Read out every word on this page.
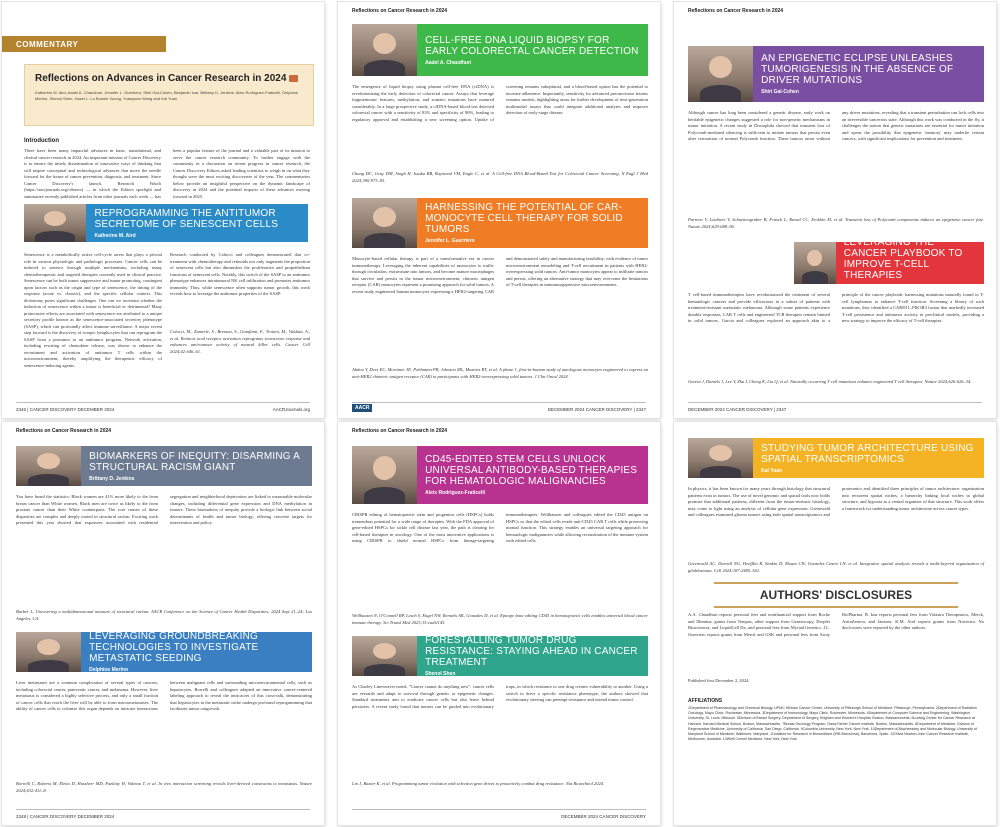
COMMENTARY
Reflections on Advances in Cancer Research in 2024
Katherine M. Aird, Aadel A. Chaudhuri, Jennifer L. Guerriero, Shiri Gal-Cohen, Benjamin Izar, Brittany D. Jenkins, Aleix Rodriguez-Fraticelli, Delphine Merino, Shenol Shen, Hazel L. Lu Bonnie Vuong, Yuanyuan Wang and Kai Yuan
Introduction
There have been many impactful advances in basic, translational, and clinical cancer research in 2024. An important mission of Cancer Discovery is to ensure the timely dissemination of innovative ways of thinking that will inspire conceptual and technological advances that move the needle forward for the future of cancer prevention, diagnosis, and treatment. Since Cancer Discovery's launch, Research Watch (https://aacrjournals.org/cdnews) — in which the Editors spotlight and summarize recently published articles from other journals each week — has been a popular feature of the journal and a valuable part of its mission to serve the cancer research community. To further engage with the community in a discussion on recent progress in cancer research, the Cancer Discovery Editors asked leading scientists to weigh in on what they thought were the most exciting discoveries of the year. The commentaries below provide an insightful perspective on the dynamic landscape of discovery in 2024 and the potential impacts of these advances moving forward in 2025.
REPROGRAMMING THE ANTITUMOR SECRETOME OF SENESCENT CELLS
Katherine M. Aird
Senescence is a metabolically active cell-cycle arrest that plays a pivotal role in various physiologic and pathologic processes. Cancer cells can be induced to senesce through multiple mechanisms, including many chemotherapeutic and targeted therapies currently used in clinical practice. Senescence can be both tumor suppressive and tumor promoting, contingent upon factors such as the origin and type of senescence, the timing of the response (acute vs. chronic), and the specific cellular context. This dichotomy poses significant challenges. One can we ascertain whether the induction of senescence within a tumor is beneficial or detrimental? Many proinvasive effects are associated with senescence are attributed to a unique secretory profile known as the senescence-associated secretory phenotype (SASP), which can profoundly affect immune surveillance. A major recent step forward is the discovery of ectopic lymphocytes that can reprogram the SASP from a protumor to an antitumor program. Network activation, including rewiring of chemokine release, was shown to enhance the recruitment and activation of antitumor T cells within the microenvironment, thereby amplifying the therapeutic efficacy of senescence-inducing agents.
Research conducted by Colucci and colleagues demonstrated that co-treatment with chemotherapy and retinoids not only augments the proportion of senescent cells but also diminishes the proliferative and propeithelium functions of senescent cells. Notably, this switch of the SASP to an antitumor phenotype enhances intratumoral NK cell infiltration and promotes antitumor immunity. Thus, while senescence often supports tumor growth, this work reveals how to leverage the antitumor properties of the SASP.
Colucci, M., Zumerle, S., Bressan, S., Gianfanti, F., Troiani, M., Valdata, A., et al. Retinoic acid receptor activation reprograms senescence response and enhances anti-tumour activity of natural killer cells. Cancer Cell 2024;42:646–61.
2346 | CANCER DISCOVERY DECEMBER 2024	AACRJournals.org
Reflections on Cancer Research in 2024
CELL-FREE DNA LIQUID BIOPSY FOR EARLY COLORECTAL CANCER DETECTION
Aadel A. Chaudhuri
The emergence of liquid biopsy using plasma cell-free DNA (cfDNA) is revolutionizing the early detection of colorectal cancer. Assays that leverage fragmentomic features, methylation, and somatic mutations have matured considerably. In a large prospective study, a cfDNA-based blood test detected colorectal cancer with a sensitivity of 83% and specificity of 90%, leading to regulatory approval and establishing a new screening option. Uptake of screening remains suboptimal, and a blood-based option has the potential to increase adherence. Importantly, sensitivity for advanced precancerous lesions remains modest, highlighting areas for further development of next-generation multimodal assays that could integrate additional analytes and improve detection of early-stage disease.
Chung DC, Gray DM, Singh H, Issaka RB, Raymond VM, Eagle C, et al. A Cell-free DNA Blood-Based Test for Colorectal Cancer Screening. N Engl J Med 2024;390:973–83.
HARNESSING THE POTENTIAL OF CAR-MONOCYTE CELL THERAPY FOR SOLID TUMORS
Jennifer L. Guerriero
Monocyte-based cellular therapy is part of a transformative era in cancer immunotherapy. Leveraging the inherent capabilities of monocytes to traffic through circulation, extravasate into tumors, and become mature macrophages that survive and persist in the tumor microenvironment, chimeric antigen receptor (CAR) monocytes represent a promising approach for solid tumors. A recent study engineered human monocytes expressing a HER2-targeting CAR and demonstrated safety and manufacturing feasibility, with evidence of tumor microenvironment remodeling and T-cell recruitment in patients with HER2-overexpressing solid tumors. Anti-tumor monocytes appear to infiltrate tumors and persist, offering an alternative strategy that may overcome the limitations of T-cell therapies in immunosuppressive microenvironments.
Abdou Y, Dees EC, Mortimer JE, Pohlmann PR, Johnson ML, Maziarz RT, et al. A phase 1, first-in-human study of autologous monocytes engineered to express an anti-HER2 chimeric antigen receptor (CAR) in participants with HER2-overexpressing solid tumors. J Clin Oncol 2024.
AACR	DECEMBER 2024 CANCER DISCOVERY | 2347
Reflections on Cancer Research in 2024
AN EPIGENETIC ECLIPSE UNLEASHES TUMORIGENESIS IN THE ABSENCE OF DRIVER MUTATIONS
Shiri Gal-Cohen
Although cancer has long been considered a genetic disease, early work on heritable epigenetic changes suggested a role for non-genetic mechanisms in tumor initiation. A recent study in Drosophila showed that transient loss of Polycomb-mediated silencing is sufficient to initiate tumors that persist even after restoration of normal Polycomb function. These tumors arose without any driver mutations, revealing that a transient perturbation can lock cells into an irreversible cancerous state. Although this work was conducted in the fly, it challenges the notion that genetic mutations are essential for tumor initiation and opens the possibility that epigenetic 'memory' may underlie certain cancers, with significant implications for prevention and treatment.
Parreno V, Loubiere V, Schuettengruber B, Fritsch L, Rawal CC, Erokhin M, et al. Transient loss of Polycomb components induces an epigenetic cancer fate. Nature 2024;629:688–96.
LEVERAGING THE CANCER PLAYBOOK TO IMPROVE T-CELL THERAPIES
Benjamin Izar
T cell-based immunotherapies have revolutionized the treatment of several hematologic cancers and provide efficacious in a subset of patients with treatment-resistant metastatic melanoma. Although some patients experience durable responses, CAR T cells and engineered TCR therapies remain limited in solid tumors. Garcia and colleagues explored an approach akin to a principle of the cancer playbook: harnessing mutations naturally found in T-cell lymphomas to enhance T-cell function. Screening a library of such mutations, they identified a CARD11–PIK3R3 fusion that markedly increased T-cell persistence and antitumor activity in preclinical models, providing a new strategy to improve the efficacy of T-cell therapies.
Garcia J, Daniels J, Lee Y, Zhu I, Cheng K, Liu Q, et al. Naturally occurring T cell mutations enhance engineered T cell therapies. Nature 2024;626:626–34.
DECEMBER 2024 CANCER DISCOVERY | 2347
Reflections on Cancer Research in 2024
BIOMARKERS OF INEQUITY: DISARMING A STRUCTURAL RACISM GIANT
Brittany D. Jenkins
You have heard the statistics: Black women are 41% more likely to die from breast cancer than White women. Black men are twice as likely to die from prostate cancer than their White counterparts. The root causes of these disparities are complex and deeply rooted in structural racism. Exciting work presented this year showed that exposures associated with residential segregation and neighborhood deprivation are linked to measurable molecular changes, including differential gene expression and DNA methylation in tumors. These biomarkers of inequity provide a biologic link between social determinants of health and tumor biology, offering concrete targets for intervention and policy.
Barber L. Uncovering a multidimensional measure of structural racism. AACR Conference on the Science of Cancer Health Disparities; 2024 Sept 21–24; Los Angeles, CA.
LEVERAGING GROUNDBREAKING TECHNOLOGIES TO INVESTIGATE METASTATIC SEEDING
Delphine Merino
Liver metastases are a common complication of several types of cancers, including colorectal cancer, pancreatic cancer, and melanoma. However, liver metastasis is considered a highly selective process, and only a small fraction of cancer cells that reach the liver will be able to form macrometastases. The ability of cancer cells to colonize this organ depends on intricate interactions between malignant cells and surrounding microenvironmental cells, such as hepatocytes. Borrelli and colleagues adapted an innovative cancer-centered labeling approach to reveal the intricacies of this cross-talk, demonstrating that hepatocytes in the metastatic niche undergo profound reprogramming that facilitates tumor outgrowth.
Borrelli C, Roberts M, Eletto D, Hussherr MD, Fazilaty H, Valenta T, et al. In vivo interaction screening reveals liver-derived constraints to metastasis. Nature 2024;632:411–8.
2348 | CANCER DISCOVERY DECEMBER 2024
Reflections on Cancer Research in 2024
CD45-EDITED STEM CELLS UNLOCK UNIVERSAL ANTIBODY-BASED THERAPIES FOR HEMATOLOGIC MALIGNANCIES
Aleix Rodriguez-Fraticelli
CRISPR editing of hematopoietic stem and progenitor cells (HSPCs) holds tremendous potential for a wide range of therapies. With the FDA approval of gene-edited HSPCs for sickle cell disease last year, the path is clearing for cell-based therapies in oncology. One of the most innovative applications is using CRISPR to shield normal HSPCs from lineage-targeting immunotherapies. Wellhausen and colleagues edited the CD45 antigen on HSPCs so that the edited cells evade anti-CD45 CAR T cells while preserving normal function. This strategy enables an universal targeting approach for hematologic malignancies while allowing reconstitution of the immune system with edited cells.
Wellhausen N, O'Connell RP, Lesch S, Engel NW, Rennels AK, Gonzales D, et al. Epitope base editing CD45 in hematopoietic cells enables universal blood cancer immune therapy. Sci Transl Med 2023;15:eadi1145.
FORESTALLING TUMOR DRUG RESISTANCE: STAYING AHEAD IN CANCER TREATMENT
Shenol Shen
As Charley Lineweaver noted, "Cancer cannot do anything new": cancer cells are versatile and adapt to survival through genetic or epigenetic changes. Standard treatments aim to eradicate cancer cells but also leave behind persisters. A recent study found that tumors can be guided into evolutionary traps, in which resistance to one drug creates vulnerability to another. Using a switch to drive a specific resistance phenotype, the authors showed that evolutionary steering can preempt resistance and extend tumor control.
Lin J, Baxter K, et al. Programming tumor evolution with selection gene drives to proactively combat drug resistance. Nat Biotechnol 2024.
DECEMBER 2024 CANCER DISCOVERY
STUDYING TUMOR ARCHITECTURE USING SPATIAL TRANSCRIPTOMICS
Kai Yuan
In physics, it has been known for many years through histology that structural patterns exist in tumors. The use of novel genomic and spatial tools now holds promise that additional patterns, different from the tumor-intrinsic histology, may come to light using an analysis of cellular gene expression. Greenwald and colleagues examined glioma tumors using both spatial transcriptomics and proteomics and identified three principles of tumor architecture: organization into recurrent spatial niches, a hierarchy linking local niches to global structure, and hypoxia as a central organizer of that structure. This work offers a framework for understanding tumor architecture across cancer types.
Greenwald AC, Darnell NG, Hoefflin R, Simkin D, Mount CW, Gonzalez Castro LN, et al. Integrative spatial analysis reveals a multi-layered organization of glioblastoma. Cell 2024;187:2485–501.
AUTHORS' DISCLOSURES
A.A. Chaudhuri reports personal fees and nonfinancial support from Roche and Illumina, grants from Tempus, other support from Geneoscopy, Droplet Biosciences, and LiquidCell Dx, and personal fees from Myriad Genetics. J.L. Guerriero reports grants from Merck and GSK and personal fees from Array BioPharma. B. Izar reports personal fees from Volastra Therapeutics, Merck, AstraZeneca, and Janssen. K.M. Aird reports grants from Nuvectra. No disclosures were reported by the other authors.
Published first December 2, 2024.
AFFILIATIONS
1Department of Pharmacology and Chemical Biology, UPMC Hillman Cancer Center, University of Pittsburgh School of Medicine, Pittsburgh, Pennsylvania. 2Department of Radiation Oncology, Mayo Clinic, Rochester, Minnesota. 3Department of Immunology, Mayo Clinic, Rochester, Minnesota. 4Department of Computer Science and Engineering, Washington University, St. Louis, Missouri. 5Division of Breast Surgery, Department of Surgery, Brigham and Women's Hospital, Boston, Massachusetts. 6Ludwig Center for Cancer Research at Harvard, Harvard Medical School, Boston, Massachusetts. 7Breast Oncology Program, Dana-Farber Cancer Institute, Boston, Massachusetts. 8Department of Medicine, Division of Regenerative Medicine, University of California, San Diego, California. 9Columbia University, New York, New York. 10Department of Biochemistry and Molecular Biology, University of Maryland School of Medicine, Baltimore, Maryland. 11Institute for Research in Biomedicine (IRB Barcelona), Barcelona, Spain. 12Olivia Newton-John Cancer Research Institute, Melbourne, Australia. 13Weill Cornell Medicine, New York, New York.
